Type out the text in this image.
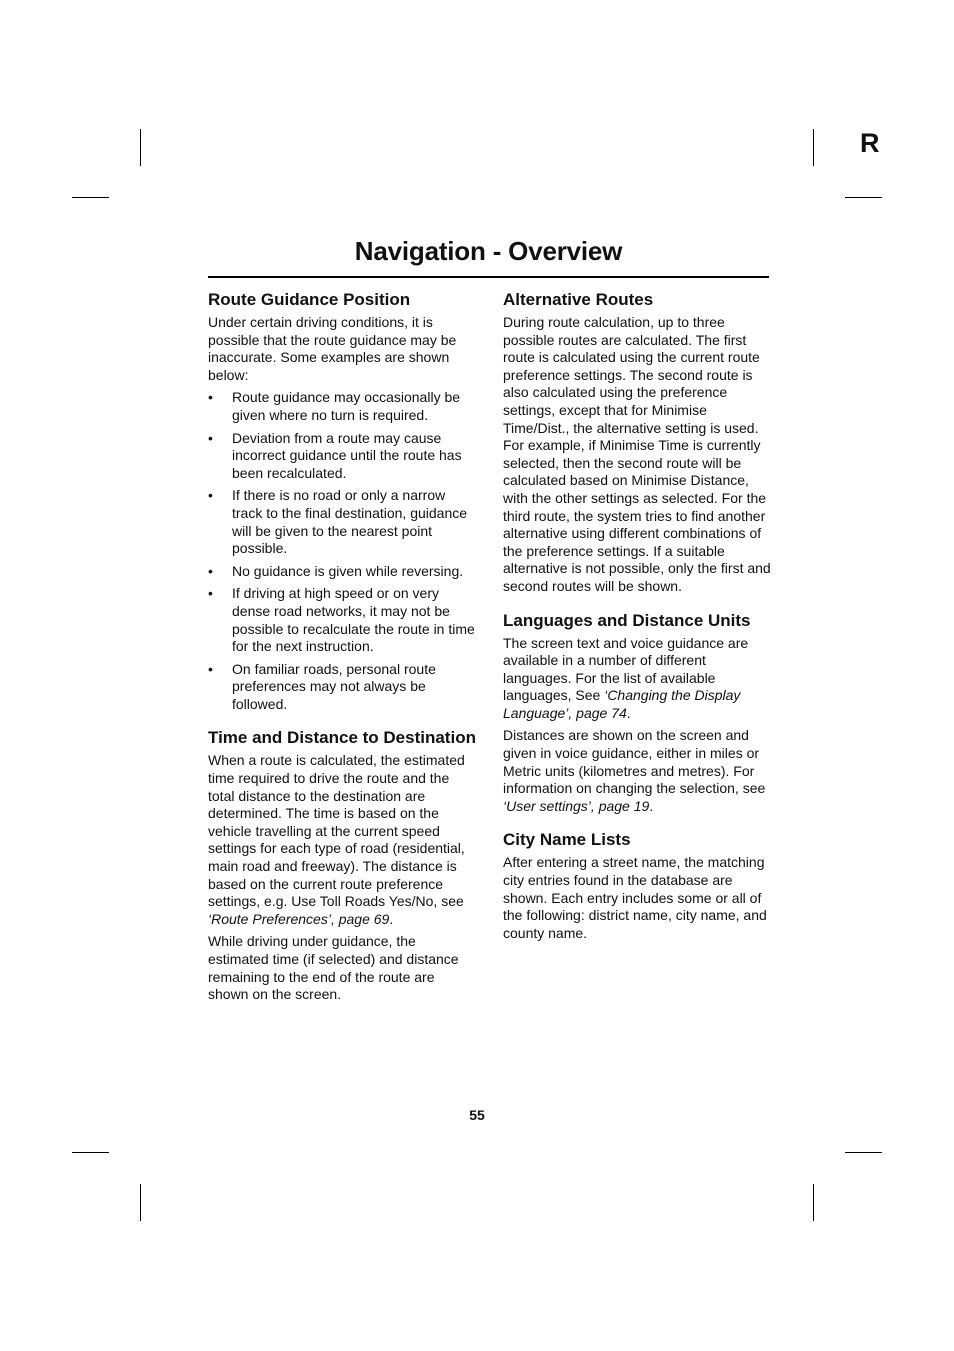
R
Navigation - Overview
Route Guidance Position

Under certain driving conditions, it is possible that the route guidance may be inaccurate. Some examples are shown below:

• Route guidance may occasionally be given where no turn is required.
• Deviation from a route may cause incorrect guidance until the route has been recalculated.
• If there is no road or only a narrow track to the final destination, guidance will be given to the nearest point possible.
• No guidance is given while reversing.
• If driving at high speed or on very dense road networks, it may not be possible to recalculate the route in time for the next instruction.
• On familiar roads, personal route preferences may not always be followed.
Time and Distance to Destination

When a route is calculated, the estimated time required to drive the route and the total distance to the destination are determined. The time is based on the vehicle travelling at the current speed settings for each type of road (residential, main road and freeway). The distance is based on the current route preference settings, e.g. Use Toll Roads Yes/No, see ‘Route Preferences’, page 69.

While driving under guidance, the estimated time (if selected) and distance remaining to the end of the route are shown on the screen.

Alternative Routes

During route calculation, up to three possible routes are calculated. The first route is calculated using the current route preference settings. The second route is also calculated using the preference settings, except that for Minimise Time/Dist., the alternative setting is used. For example, if Minimise Time is currently selected, then the second route will be calculated based on Minimise Distance, with the other settings as selected. For the third route, the system tries to find another alternative using different combinations of the preference settings. If a suitable alternative is not possible, only the first and second routes will be shown.

Languages and Distance Units

The screen text and voice guidance are available in a number of different languages. For the list of available languages, See ‘Changing the Display Language’, page 74.

Distances are shown on the screen and given in voice guidance, either in miles or Metric units (kilometres and metres). For information on changing the selection, see ‘User settings’, page 19.

City Name Lists

After entering a street name, the matching city entries found in the database are shown. Each entry includes some or all of the following: district name, city name, and county name.

55
